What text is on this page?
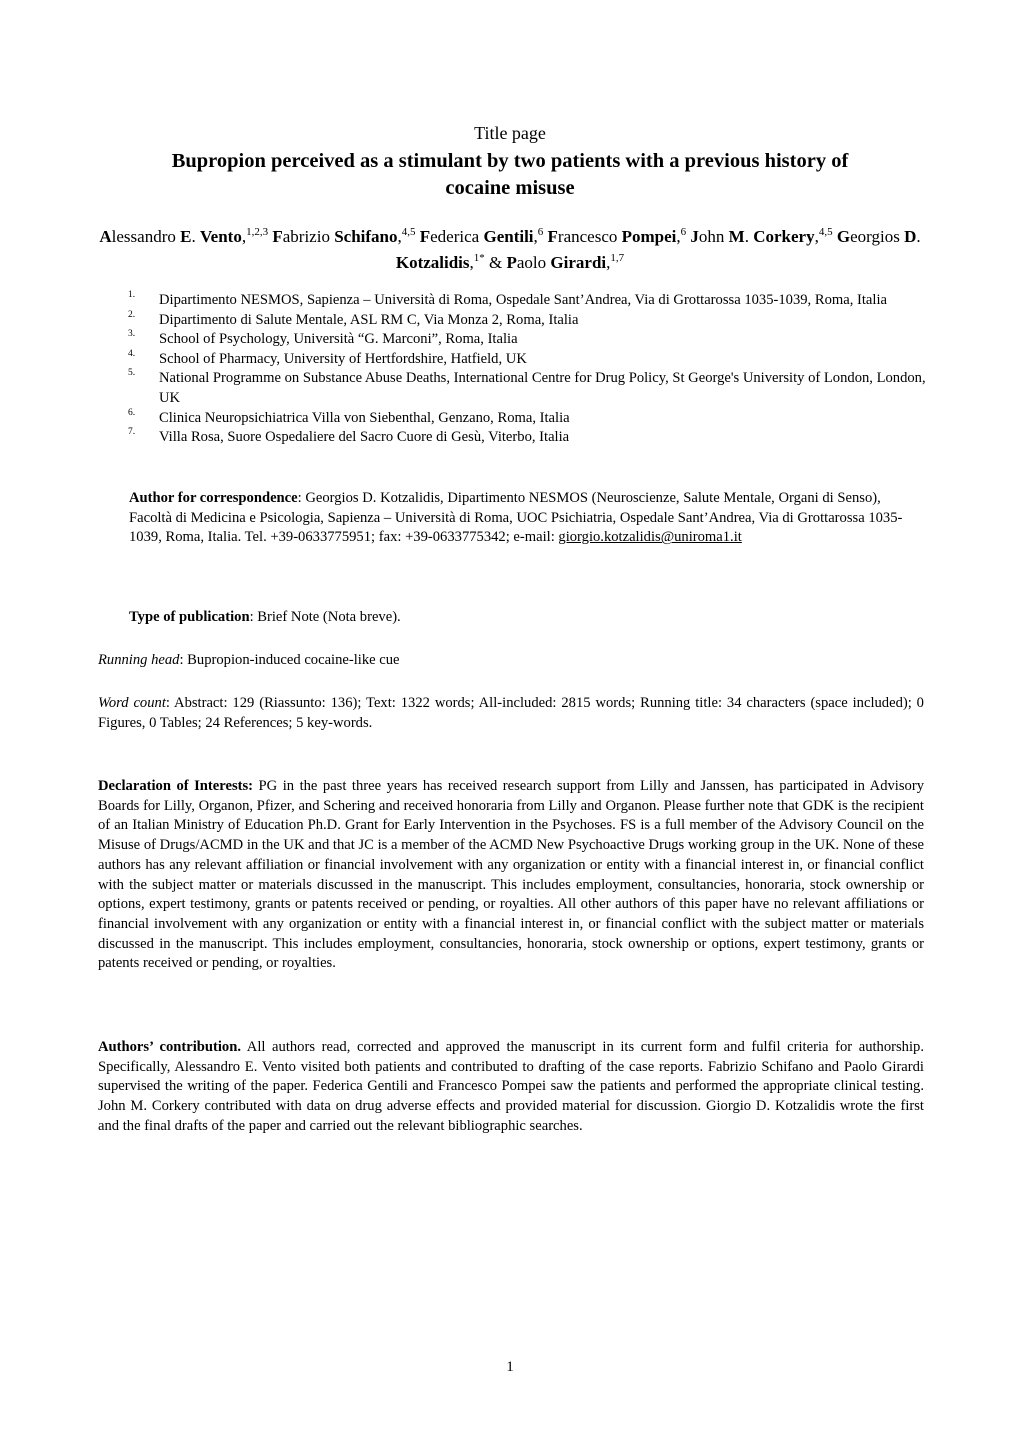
Title page
Bupropion perceived as a stimulant by two patients with a previous history of
cocaine misuse
Alessandro E. Vento,$^{1,2,3}$ Fabrizio Schifano,$^{4,5}$ Federica Gentili,$^6$ Francesco Pompei,$^6$ John M. Corkery,$^{4,5}$ Georgios D. Kotzalidis,$^{1*}$ & Paolo Girardi,$^{1,7}$
1. Dipartimento NESMOS, Sapienza – Università di Roma, Ospedale Sant’Andrea, Via di Grottarossa 1035-1039, Roma, Italia
2. Dipartimento di Salute Mentale, ASL RM C, Via Monza 2, Roma, Italia
3. School of Psychology, Università “G. Marconi”, Roma, Italia
4. School of Pharmacy, University of Hertfordshire, Hatfield, UK
5. National Programme on Substance Abuse Deaths, International Centre for Drug Policy, St George's University of London, London, UK
6. Clinica Neuropsichiatrica Villa von Siebenthal, Genzano, Roma, Italia
7. Villa Rosa, Suore Ospedaliere del Sacro Cuore di Gesù, Viterbo, Italia
Author for correspondence: Georgios D. Kotzalidis, Dipartimento NESMOS (Neuroscienze, Salute Mentale, Organi di Senso), Facoltà di Medicina e Psicologia, Sapienza – Università di Roma, UOC Psichiatria, Ospedale Sant’Andrea, Via di Grottarossa 1035-1039, Roma, Italia. Tel. +39-0633775951; fax: +39-0633775342; e-mail: giorgio.kotzalidis@uniroma1.it
Type of publication: Brief Note (Nota breve).
Running head: Bupropion-induced cocaine-like cue
Word count: Abstract: 129 (Riassunto: 136); Text: 1322 words; All-included: 2815 words; Running title: 34 characters (space included); 0 Figures, 0 Tables; 24 References; 5 key-words.
Declaration of Interests: PG in the past three years has received research support from Lilly and Janssen, has participated in Advisory Boards for Lilly, Organon, Pfizer, and Schering and received honoraria from Lilly and Organon. Please further note that GDK is the recipient of an Italian Ministry of Education Ph.D. Grant for Early Intervention in the Psychoses. FS is a full member of the Advisory Council on the Misuse of Drugs/ACMD in the UK and that JC is a member of the ACMD New Psychoactive Drugs working group in the UK. None of these authors has any relevant affiliation or financial involvement with any organization or entity with a financial interest in, or financial conflict with the subject matter or materials discussed in the manuscript. This includes employment, consultancies, honoraria, stock ownership or options, expert testimony, grants or patents received or pending, or royalties. All other authors of this paper have no relevant affiliations or financial involvement with any organization or entity with a financial interest in, or financial conflict with the subject matter or materials discussed in the manuscript. This includes employment, consultancies, honoraria, stock ownership or options, expert testimony, grants or patents received or pending, or royalties.
Authors’ contribution. All authors read, corrected and approved the manuscript in its current form and fulfil criteria for authorship. Specifically, Alessandro E. Vento visited both patients and contributed to drafting of the case reports. Fabrizio Schifano and Paolo Girardi supervised the writing of the paper. Federica Gentili and Francesco Pompei saw the patients and performed the appropriate clinical testing. John M. Corkery contributed with data on drug adverse effects and provided material for discussion. Giorgio D. Kotzalidis wrote the first and the final drafts of the paper and carried out the relevant bibliographic searches.
1
